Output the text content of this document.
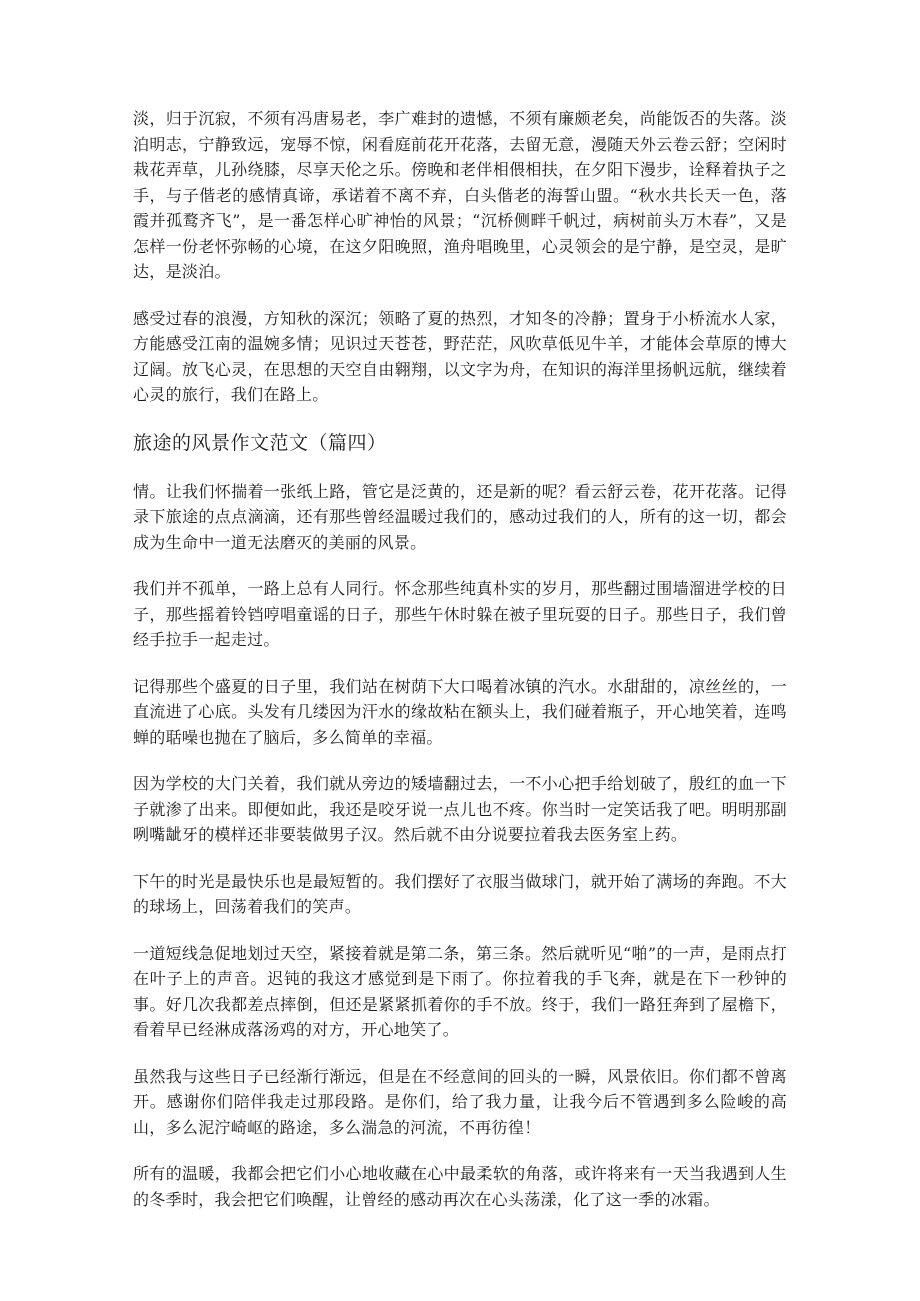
淡，归于沉寂，不须有冯唐易老，李广难封的遗憾，不须有廉颇老矣，尚能饭否的失落。淡泊明志，宁静致远，宠辱不惊，闲看庭前花开花落，去留无意，漫随天外云卷云舒；空闲时栽花弄草，儿孙绕膝，尽享天伦之乐。傍晚和老伴相偎相扶，在夕阳下漫步，诠释着执子之手，与子偕老的感情真谛，承诺着不离不弃，白头偕老的海誓山盟。“秋水共长天一色，落霞并孤鹜齐飞”，是一番怎样心旷神怡的风景；“沉桥侧畔千帆过，病树前头万木春”，又是怎样一份老怀弥畅的心境，在这夕阳晚照，渔舟唱晚里，心灵领会的是宁静，是空灵，是旷达，是淡泊。

感受过春的浪漫，方知秋的深沉；领略了夏的热烈，才知冬的冷静；置身于小桥流水人家，方能感受江南的温婉多情；见识过天苍苍，野茫茫，风吹草低见牛羊，才能体会草原的博大辽阔。放飞心灵，在思想的天空自由翱翔，以文字为舟，在知识的海洋里扬帆远航，继续着心灵的旅行，我们在路上。

旅途的风景作文范文（篇四）

情。让我们怀揣着一张纸上路，管它是泛黄的，还是新的呢？看云舒云卷，花开花落。记得录下旅途的点点滴滴，还有那些曾经温暖过我们的，感动过我们的人，所有的这一切，都会成为生命中一道无法磨灭的美丽的风景。

我们并不孤单，一路上总有人同行。怀念那些纯真朴实的岁月，那些翻过围墙溜进学校的日子，那些摇着铃铛哼唱童谣的日子，那些午休时躲在被子里玩耍的日子。那些日子，我们曾经手拉手一起走过。

记得那些个盛夏的日子里，我们站在树荫下大口喝着冰镇的汽水。水甜甜的，凉丝丝的，一直流进了心底。头发有几缕因为汗水的缘故粘在额头上，我们碰着瓶子，开心地笑着，连鸣蝉的聒噪也抛在了脑后，多么简单的幸福。

因为学校的大门关着，我们就从旁边的矮墙翻过去，一不小心把手给划破了，殷红的血一下子就渗了出来。即便如此，我还是咬牙说一点儿也不疼。你当时一定笑话我了吧。明明那副咧嘴龇牙的模样还非要装做男子汉。然后就不由分说要拉着我去医务室上药。

下午的时光是最快乐也是最短暂的。我们摆好了衣服当做球门，就开始了满场的奔跑。不大的球场上，回荡着我们的笑声。

一道短线急促地划过天空，紧接着就是第二条，第三条。然后就听见“啪”的一声，是雨点打在叶子上的声音。迟钝的我这才感觉到是下雨了。你拉着我的手飞奔，就是在下一秒钟的事。好几次我都差点摔倒，但还是紧紧抓着你的手不放。终于，我们一路狂奔到了屋檐下，看着早已经淋成落汤鸡的对方，开心地笑了。

虽然我与这些日子已经渐行渐远，但是在不经意间的回头的一瞬，风景依旧。你们都不曾离开。感谢你们陪伴我走过那段路。是你们，给了我力量，让我今后不管遇到多么险峻的高山，多么泥泞崎岖的路途，多么湍急的河流，不再彷徨！

所有的温暖，我都会把它们小心地收藏在心中最柔软的角落，或许将来有一天当我遇到人生的冬季时，我会把它们唤醒，让曾经的感动再次在心头荡漾，化了这一季的冰霜。
